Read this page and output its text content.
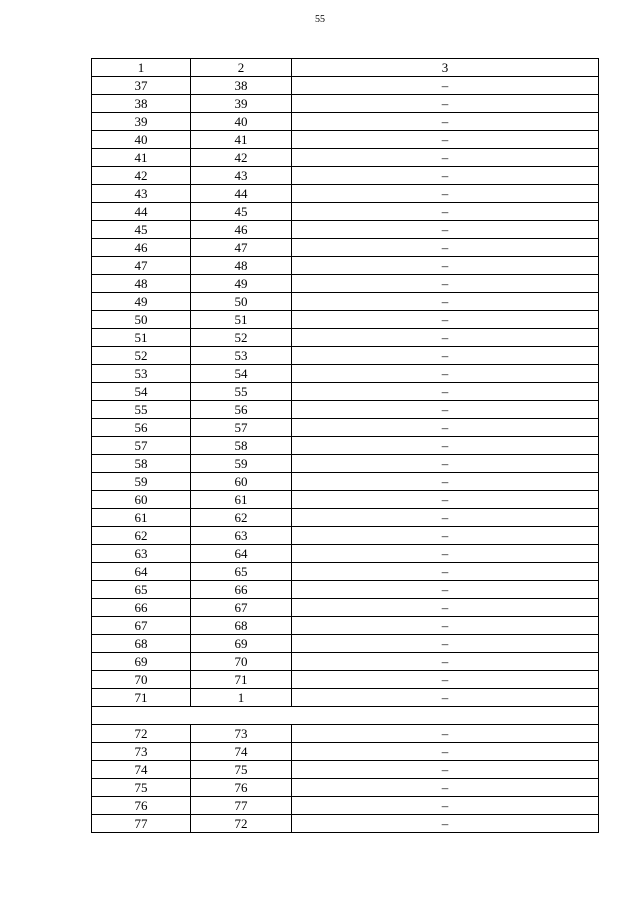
55
1	2	3
37	38	–
38	39	–
39	40	–
40	41	–
41	42	–
42	43	–
43	44	–
44	45	–
45	46	–
46	47	–
47	48	–
48	49	–
49	50	–
50	51	–
51	52	–
52	53	–
53	54	–
54	55	–
55	56	–
56	57	–
57	58	–
58	59	–
59	60	–
60	61	–
61	62	–
62	63	–
63	64	–
64	65	–
65	66	–
66	67	–
67	68	–
68	69	–
69	70	–
70	71	–
71	1	–

72	73	–
73	74	–
74	75	–
75	76	–
76	77	–
77	72	–
